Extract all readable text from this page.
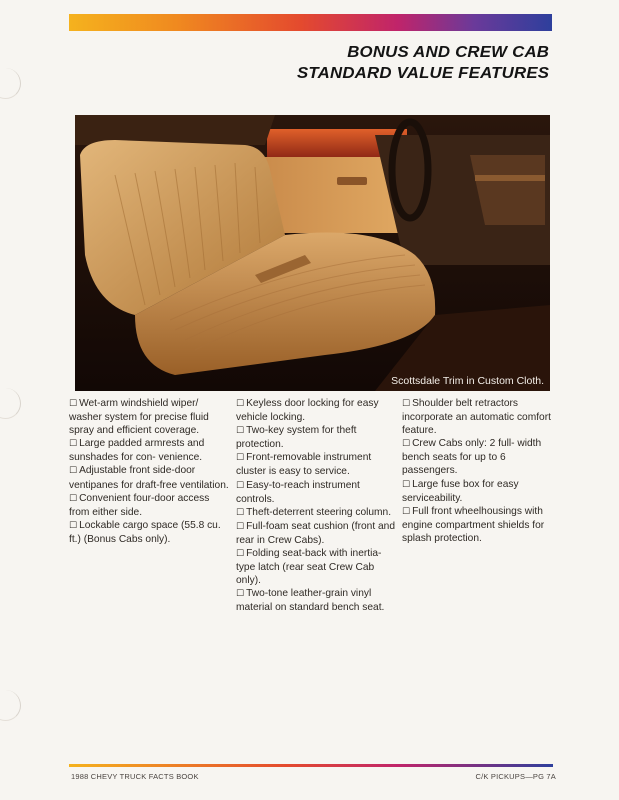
BONUS AND CREW CAB
STANDARD VALUE FEATURES
Scottsdale Trim in Custom Cloth.

☐ Wet-arm windshield wiper/ washer system for precise fluid spray and efficient coverage.

☐ Large padded armrests and sunshades for con- venience.

☐ Adjustable front side-door ventipanes for draft-free ventilation.

☐ Convenient four-door access from either side.

☐ Lockable cargo space (55.8 cu. ft.) (Bonus Cabs only).

☐ Keyless door locking for easy vehicle locking.

☐ Two-key system for theft protection.

☐ Front-removable instrument cluster is easy to service.

☐ Easy-to-reach instrument controls.

☐ Theft-deterrent steering column.

☐ Full-foam seat cushion (front and rear in Crew Cabs).

☐ Folding seat-back with inertia-type latch (rear seat Crew Cab only).

☐ Two-tone leather-grain vinyl material on standard bench seat.

☐ Shoulder belt retractors incorporate an automatic comfort feature.

☐ Crew Cabs only: 2 full- width bench seats for up to 6 passengers.

☐ Large fuse box for easy serviceability.

☐ Full front wheelhousings with engine compartment shields for splash protection.

1988 CHEVY TRUCK FACTS BOOK	C/K PICKUPS—PG 7A
